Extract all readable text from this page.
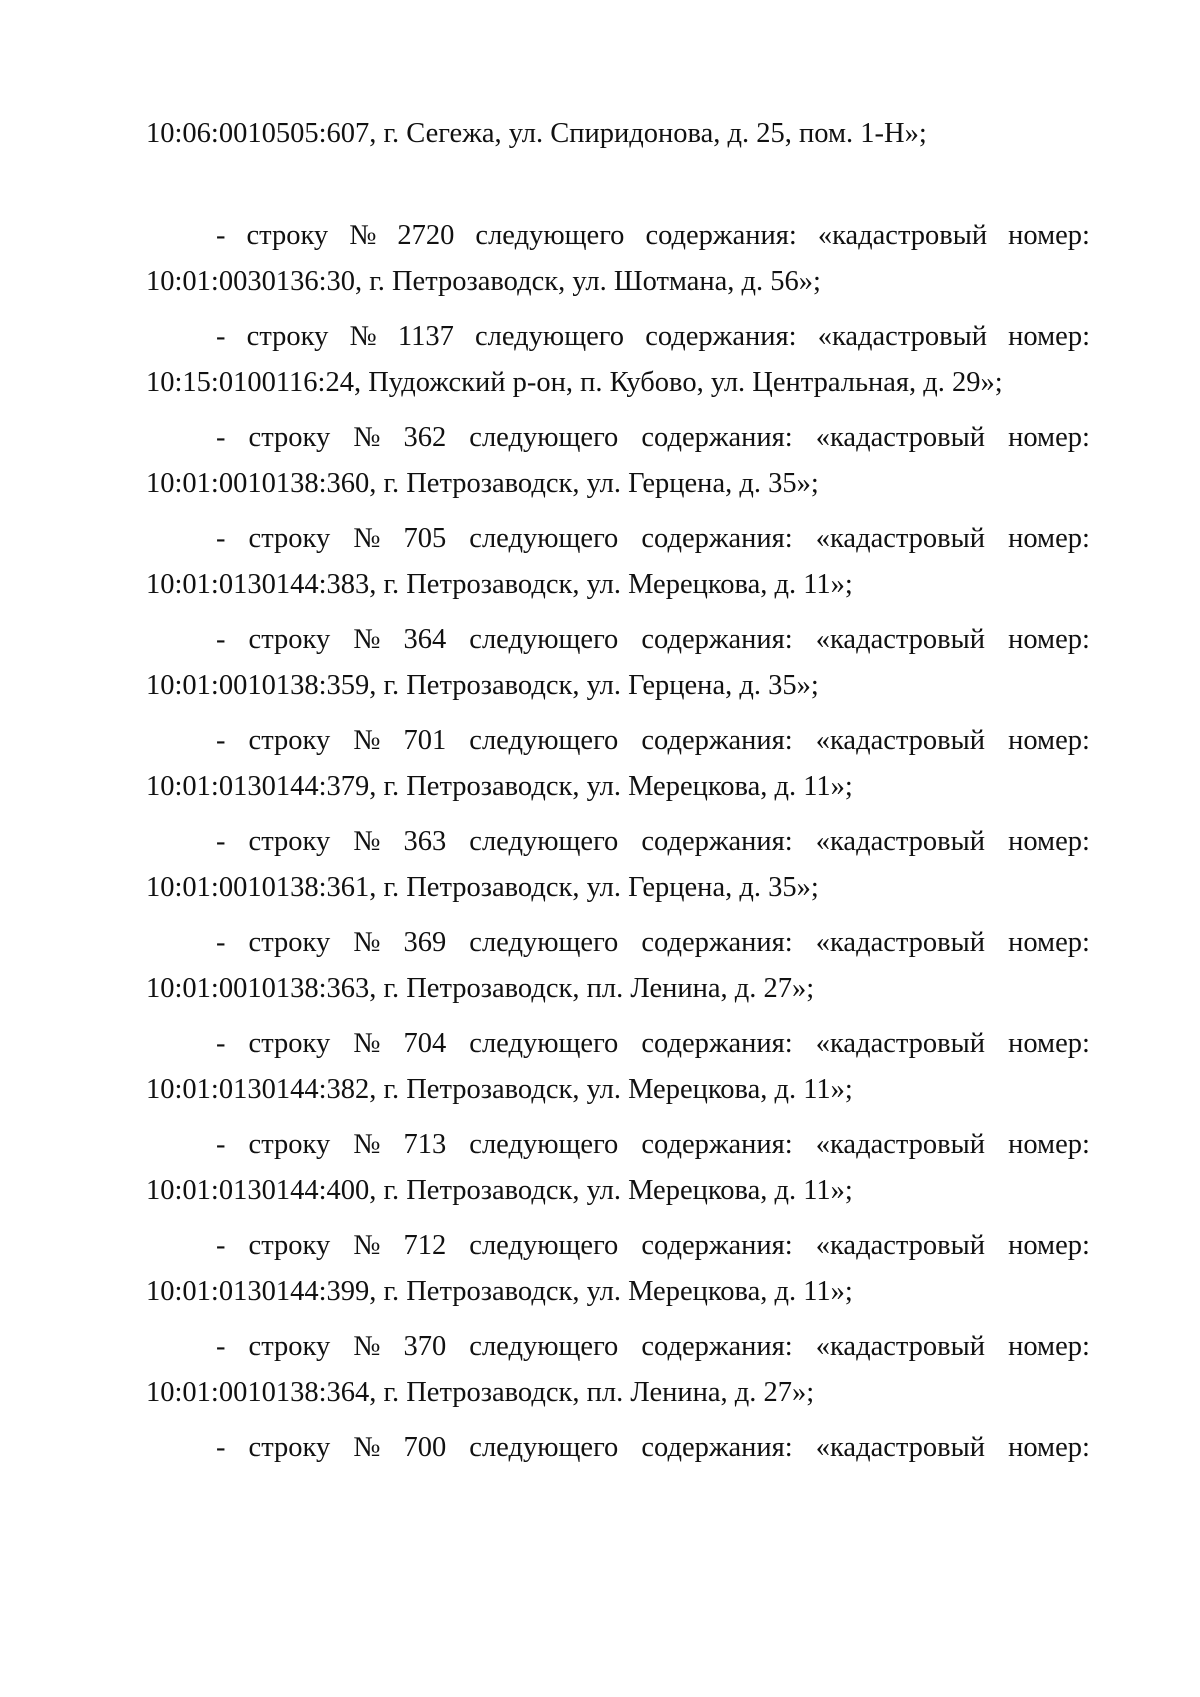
10:06:0010505:607, г. Сегежа, ул. Спиридонова, д. 25, пом. 1-Н»;
- строку № 2720 следующего содержания: «кадастровый номер:
10:01:0030136:30, г. Петрозаводск, ул. Шотмана, д. 56»;
- строку № 1137 следующего содержания: «кадастровый номер:
10:15:0100116:24, Пудожский р-он, п. Кубово, ул. Центральная, д. 29»;
- строку № 362 следующего содержания: «кадастровый номер:
10:01:0010138:360, г. Петрозаводск, ул. Герцена, д. 35»;
- строку № 705 следующего содержания: «кадастровый номер:
10:01:0130144:383, г. Петрозаводск, ул. Мерецкова, д. 11»;
- строку № 364 следующего содержания: «кадастровый номер:
10:01:0010138:359, г. Петрозаводск, ул. Герцена, д. 35»;
- строку № 701 следующего содержания: «кадастровый номер:
10:01:0130144:379, г. Петрозаводск, ул. Мерецкова, д. 11»;
- строку № 363 следующего содержания: «кадастровый номер:
10:01:0010138:361, г. Петрозаводск, ул. Герцена, д. 35»;
- строку № 369 следующего содержания: «кадастровый номер:
10:01:0010138:363, г. Петрозаводск, пл. Ленина, д. 27»;
- строку № 704 следующего содержания: «кадастровый номер:
10:01:0130144:382, г. Петрозаводск, ул. Мерецкова, д. 11»;
- строку № 713 следующего содержания: «кадастровый номер:
10:01:0130144:400, г. Петрозаводск, ул. Мерецкова, д. 11»;
- строку № 712 следующего содержания: «кадастровый номер:
10:01:0130144:399, г. Петрозаводск, ул. Мерецкова, д. 11»;
- строку № 370 следующего содержания: «кадастровый номер:
10:01:0010138:364, г. Петрозаводск, пл. Ленина, д. 27»;
- строку № 700 следующего содержания: «кадастровый номер:
